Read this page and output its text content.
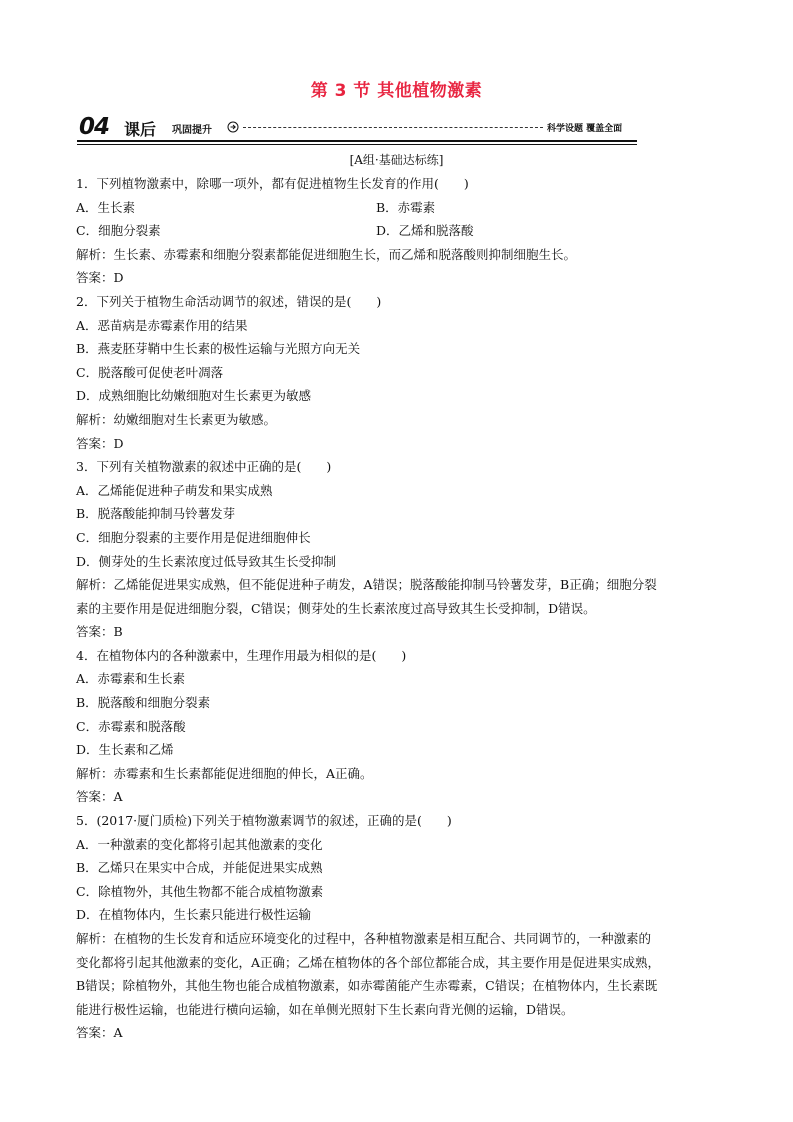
第 3 节 其他植物激素
04 课后 巩固提升	科学设题 覆盖全面
[A组·基础达标练]
1．下列植物激素中，除哪一项外，都有促进植物生长发育的作用(　　)
A．生长素	B．赤霉素
C．细胞分裂素	D．乙烯和脱落酸
解析：生长素、赤霉素和细胞分裂素都能促进细胞生长，而乙烯和脱落酸则抑制细胞生长。
答案：D
2．下列关于植物生命活动调节的叙述，错误的是(　　)
A．恶苗病是赤霉素作用的结果
B．燕麦胚芽鞘中生长素的极性运输与光照方向无关
C．脱落酸可促使老叶凋落
D．成熟细胞比幼嫩细胞对生长素更为敏感
解析：幼嫩细胞对生长素更为敏感。
答案：D
3．下列有关植物激素的叙述中正确的是(　　)
A．乙烯能促进种子萌发和果实成熟
B．脱落酸能抑制马铃薯发芽
C．细胞分裂素的主要作用是促进细胞伸长
D．侧芽处的生长素浓度过低导致其生长受抑制
解析：乙烯能促进果实成熟，但不能促进种子萌发，A错误；脱落酸能抑制马铃薯发芽，B正确；细胞分裂
素的主要作用是促进细胞分裂，C错误；侧芽处的生长素浓度过高导致其生长受抑制，D错误。
答案：B
4．在植物体内的各种激素中，生理作用最为相似的是(　　)
A．赤霉素和生长素
B．脱落酸和细胞分裂素
C．赤霉素和脱落酸
D．生长素和乙烯
解析：赤霉素和生长素都能促进细胞的伸长，A正确。
答案：A
5．(2017·厦门质检)下列关于植物激素调节的叙述，正确的是(　　)
A．一种激素的变化都将引起其他激素的变化
B．乙烯只在果实中合成，并能促进果实成熟
C．除植物外，其他生物都不能合成植物激素
D．在植物体内，生长素只能进行极性运输
解析：在植物的生长发育和适应环境变化的过程中，各种植物激素是相互配合、共同调节的，一种激素的
变化都将引起其他激素的变化，A正确；乙烯在植物体的各个部位都能合成，其主要作用是促进果实成熟，
B错误；除植物外，其他生物也能合成植物激素，如赤霉菌能产生赤霉素，C错误；在植物体内，生长素既
能进行极性运输，也能进行横向运输，如在单侧光照射下生长素向背光侧的运输，D错误。
答案：A
